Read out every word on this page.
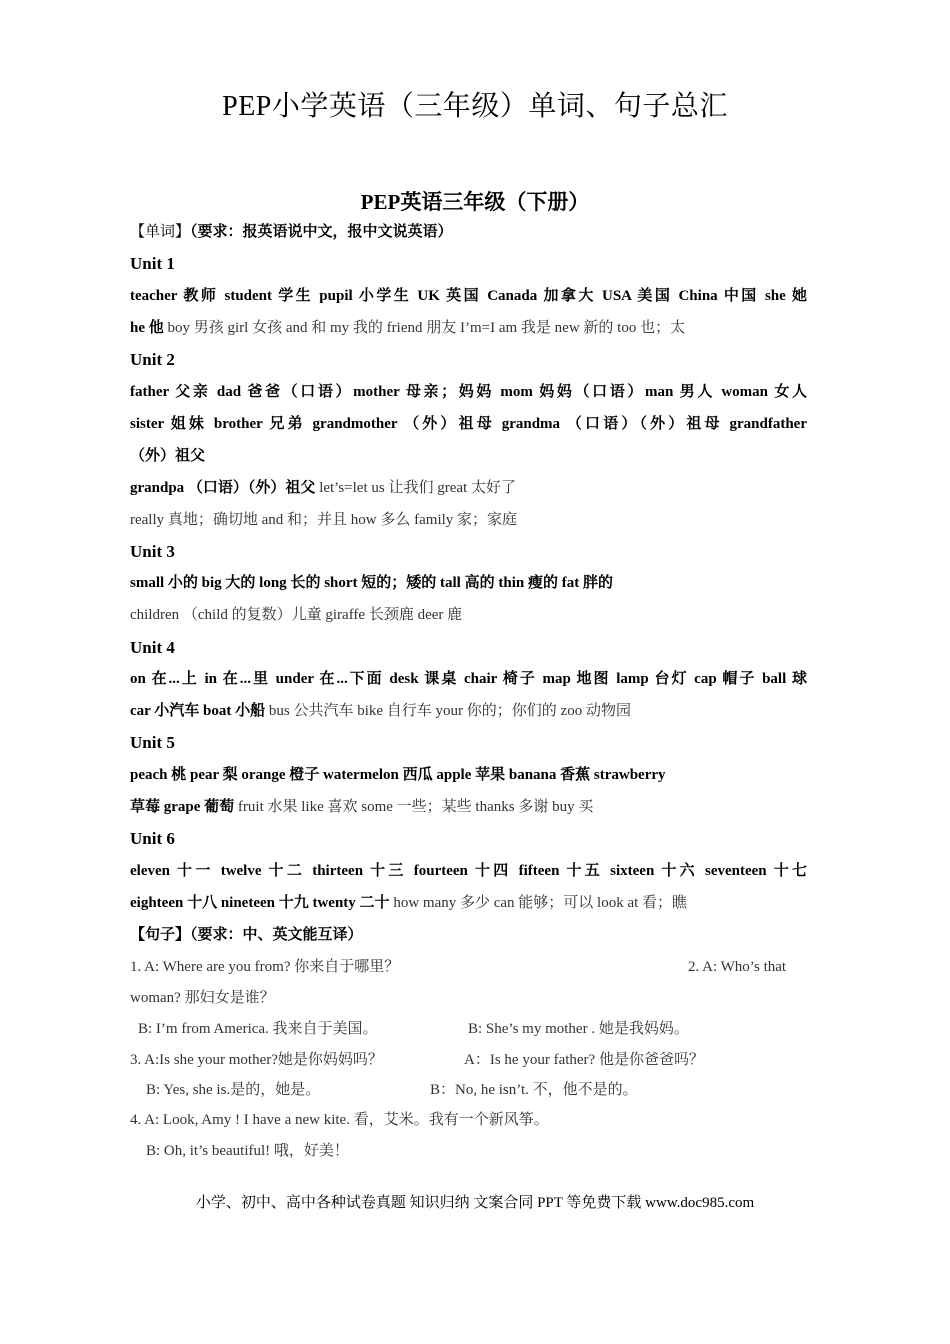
PEP小学英语（三年级）单词、句子总汇
PEP英语三年级（下册）
【单词】（要求：报英语说中文，报中文说英语）
Unit 1
teacher 教师 student 学生 pupil 小学生 UK 英国 Canada 加拿大 USA 美国 China 中国 she 她
he 他 boy 男孩 girl 女孩 and 和 my 我的 friend 朋友 I’m=I am 我是 new 新的 too 也；太
Unit 2
father 父亲 dad 爸爸（口语）mother 母亲；妈妈 mom 妈妈（口语）man 男人 woman 女人
sister 姐妹 brother 兄弟 grandmother （外）祖母 grandma （口语）（外）祖母 grandfather
（外）祖父
grandpa （口语）（外）祖父 let’s=let us 让我们 great 太好了
really 真地；确切地 and 和；并且 how 多么 family 家；家庭
Unit 3
small 小的 big 大的 long 长的 short 短的；矮的 tall 高的 thin 瘦的 fat 胖的
children （child 的复数）儿童 giraffe 长颈鹿 deer 鹿
Unit 4
on 在...上 in 在...里 under 在...下面 desk 课桌 chair 椅子 map 地图 lamp 台灯 cap 帽子 ball 球
car 小汽车 boat 小船 bus 公共汽车 bike 自行车 your 你的；你们的 zoo 动物园
Unit 5
peach 桃 pear 梨 orange 橙子 watermelon 西瓜 apple 苹果 banana 香蕉 strawberry
草莓 grape 葡萄 fruit 水果 like 喜欢 some 一些；某些 thanks 多谢 buy 买
Unit 6
eleven 十一 twelve 十二 thirteen 十三 fourteen 十四 fifteen 十五 sixteen 十六 seventeen 十七
eighteen 十八 nineteen 十九 twenty 二十 how many 多少 can 能够；可以 look at 看；瞧
【句子】（要求：中、英文能互译）
1. A: Where are you from? 你来自于哪里？	2. A: Who’s that
woman? 那妇女是谁？
B: I’m from America. 我来自于美国。	B: She’s my mother . 她是我妈妈。
3. A:Is she your mother?她是你妈妈吗？	A：Is he your father? 他是你爸爸吗？
B: Yes, she is.是的，她是。	B：No, he isn’t. 不，他不是的。
4. A: Look, Amy ! I have a new kite. 看，艾米。我有一个新风筝。
B: Oh, it’s beautiful! 哦，好美！
小学、初中、高中各种试卷真题 知识归纳 文案合同 PPT 等免费下载 www.doc985.com
